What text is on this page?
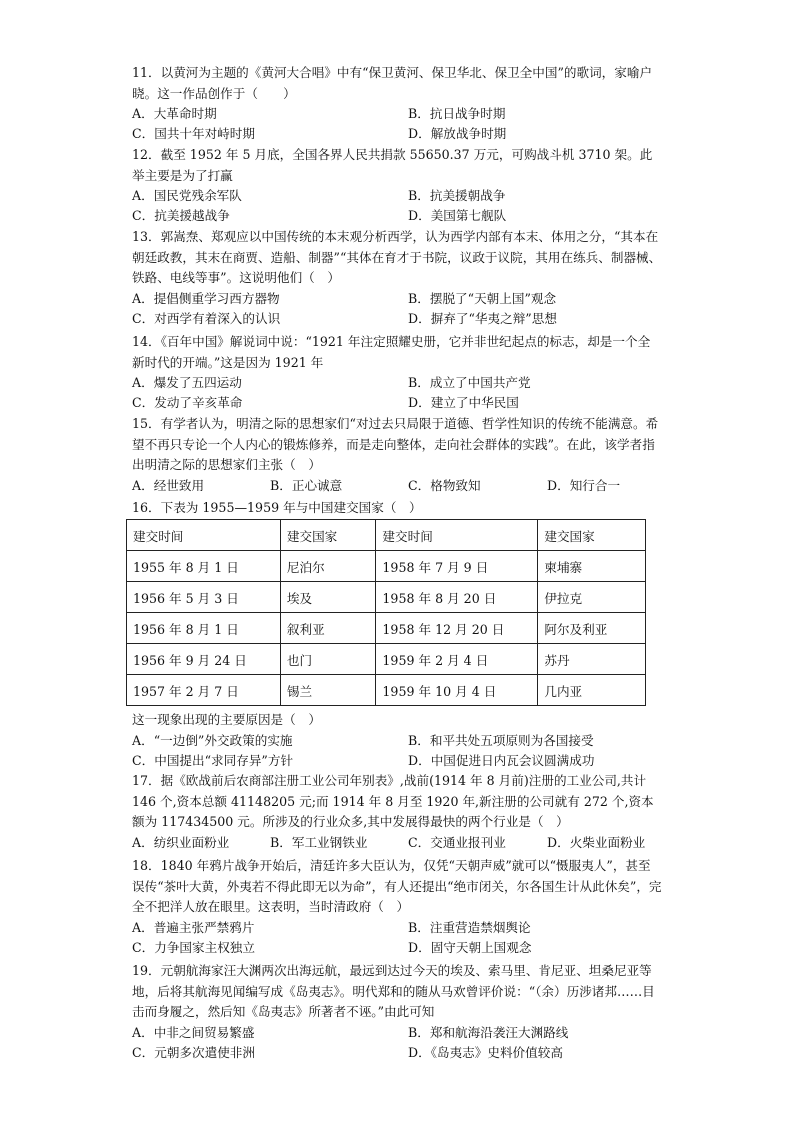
11．以黄河为主题的《黄河大合唱》中有“保卫黄河、保卫华北、保卫全中国”的歌词，家喻户晓。这一作品创作于（　　）

A．大革命时期	B．抗日战争时期
C．国共十年对峙时期	D．解放战争时期

12．截至 1952 年 5 月底，全国各界人民共捐款 55650.37 万元，可购战斗机 3710 架。此举主要是为了打赢

A．国民党残余军队	B．抗美援朝战争
C．抗美援越战争	D．美国第七舰队

13．郭嵩焘、郑观应以中国传统的本末观分析西学，认为西学内部有本末、体用之分，“其本在朝廷政教，其末在商贾、造船、制器”“其体在育才于书院，议政于议院，其用在练兵、制器械、铁路、电线等事”。这说明他们（　）

A．提倡侧重学习西方器物	B．摆脱了“天朝上国”观念
C．对西学有着深入的认识	D．摒弃了“华夷之辩”思想

14．《百年中国》解说词中说：“1921 年注定照耀史册，它并非世纪起点的标志，却是一个全新时代的开端。”这是因为 1921 年

A．爆发了五四运动	B．成立了中国共产党
C．发动了辛亥革命	D．建立了中华民国

15．有学者认为，明清之际的思想家们“对过去只局限于道德、哲学性知识的传统不能满意。希望不再只专论一个人内心的锻炼修养，而是走向整体，走向社会群体的实践”。在此，该学者指出明清之际的思想家们主张（　）

A．经世致用	B．正心诚意	C．格物致知	D．知行合一

16．下表为 1955—1959 年与中国建交国家（　）

建交时间	建交国家	建交时间	建交国家
1955 年 8 月 1 日	尼泊尔	1958 年 7 月 9 日	柬埔寨
1956 年 5 月 3 日	埃及	1958 年 8 月 20 日	伊拉克
1956 年 8 月 1 日	叙利亚	1958 年 12 月 20 日	阿尔及利亚
1956 年 9 月 24 日	也门	1959 年 2 月 4 日	苏丹
1957 年 2 月 7 日	锡兰	1959 年 10 月 4 日	几内亚

这一现象出现的主要原因是（　）

A．“一边倒”外交政策的实施	B．和平共处五项原则为各国接受
C．中国提出“求同存异”方针	D．中国促进日内瓦会议圆满成功

17．据《欧战前后农商部注册工业公司年别表》,战前(1914 年 8 月前)注册的工业公司,共计 146 个,资本总额 41148205 元;而 1914 年 8 月至 1920 年,新注册的公司就有 272 个,资本额为 117434500 元。所涉及的行业众多,其中发展得最快的两个行业是（　）

A．纺织业面粉业	B．军工业钢铁业	C．交通业报刊业	D．火柴业面粉业

18．1840 年鸦片战争开始后，清廷许多大臣认为，仅凭“天朝声威”就可以“慑服夷人”，甚至误传“茶叶大黄，外夷若不得此即无以为命”，有人还提出“绝市闭关，尔各国生计从此休矣”，完全不把洋人放在眼里。这表明，当时清政府（　）

A．普遍主张严禁鸦片	B．注重营造禁烟舆论
C．力争国家主权独立	D．固守天朝上国观念

19．元朝航海家汪大渊两次出海远航，最远到达过今天的埃及、索马里、肯尼亚、坦桑尼亚等地，后将其航海见闻编写成《岛夷志》。明代郑和的随从马欢曾评价说：“（余）历涉诸邦……目击而身履之，然后知《岛夷志》所著者不诬。”由此可知

A．中非之间贸易繁盛	B．郑和航海沿袭汪大渊路线
C．元朝多次遣使非洲	D．《岛夷志》史料价值较高
